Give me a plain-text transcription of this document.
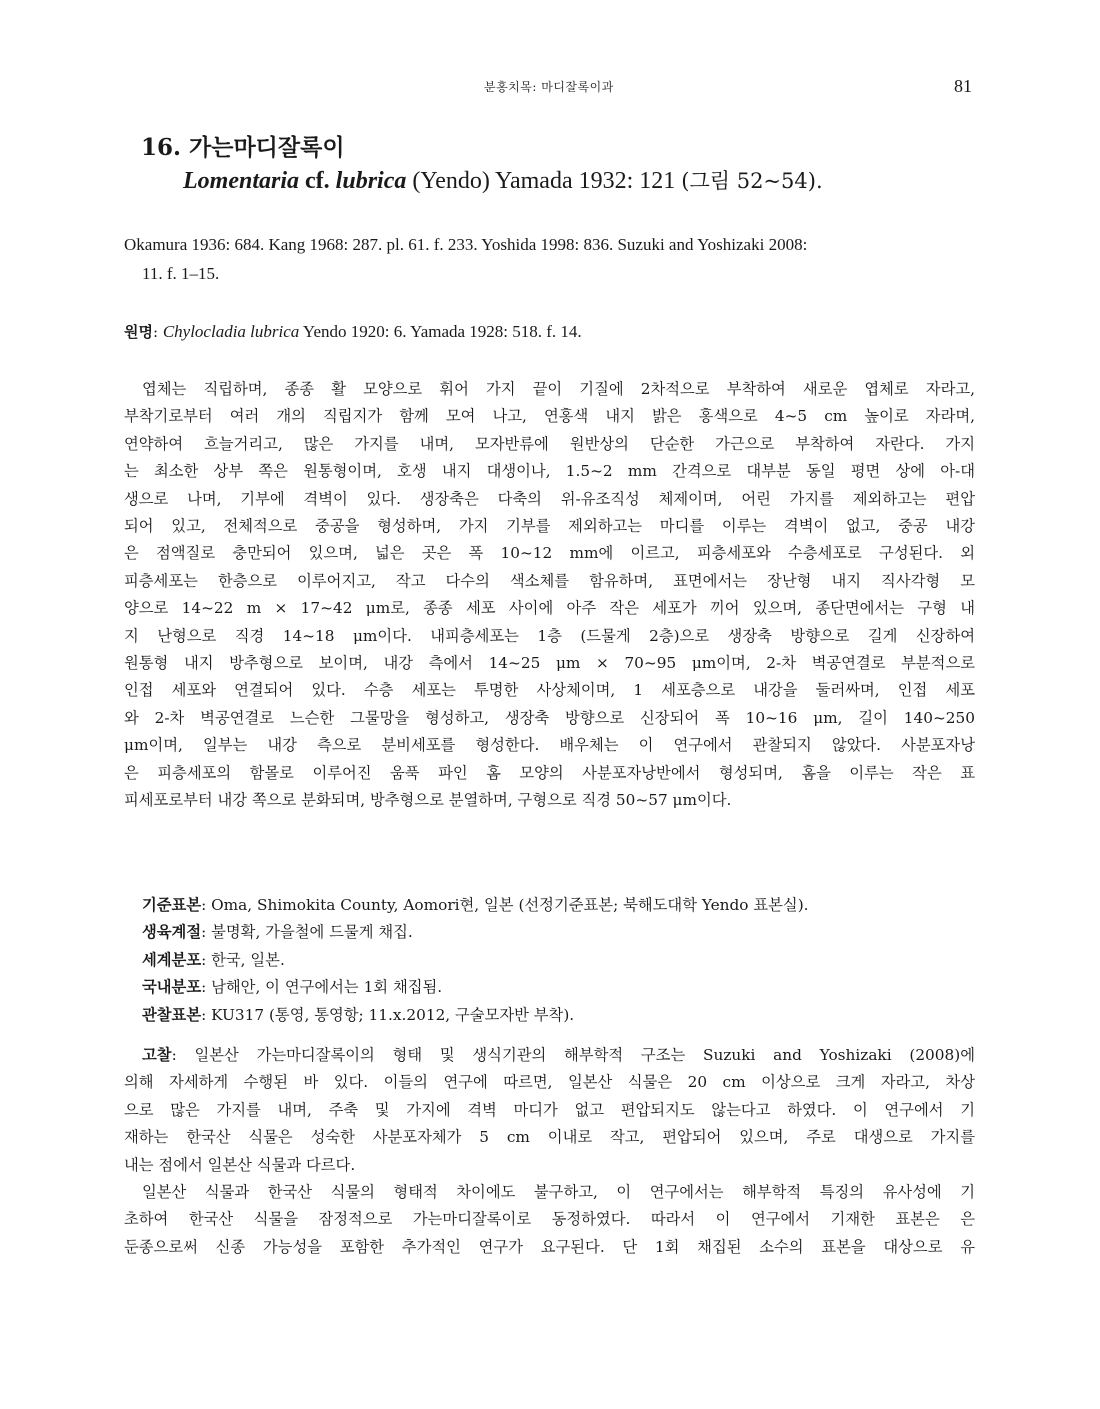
분홍치목: 마디잘록이과	81
16. 가는마디잘록이
Lomentaria cf. lubrica (Yendo) Yamada 1932: 121 (그림 52~54).
Okamura 1936: 684. Kang 1968: 287. pl. 61. f. 233. Yoshida 1998: 836. Suzuki and Yoshizaki 2008:
11. f. 1–15.
원명: Chylocladia lubrica Yendo 1920: 6. Yamada 1928: 518. f. 14.
엽체는 직립하며, 종종 활 모양으로 휘어 가지 끝이 기질에 2차적으로 부착하여 새로운 엽체로 자라고,
부착기로부터 여러 개의 직립지가 함께 모여 나고, 연홍색 내지 밝은 홍색으로 4~5 cm 높이로 자라며,
연약하여 흐늘거리고, 많은 가지를 내며, 모자반류에 원반상의 단순한 가근으로 부착하여 자란다. 가지
는 최소한 상부 쪽은 원통형이며, 호생 내지 대생이나, 1.5~2 mm 간격으로 대부분 동일 평면 상에 아-대
생으로 나며, 기부에 격벽이 있다. 생장축은 다축의 위-유조직성 체제이며, 어린 가지를 제외하고는 편압
되어 있고, 전체적으로 중공을 형성하며, 가지 기부를 제외하고는 마디를 이루는 격벽이 없고, 중공 내강
은 점액질로 충만되어 있으며, 넓은 곳은 폭 10~12 mm에 이르고, 피층세포와 수층세포로 구성된다. 외
피층세포는 한층으로 이루어지고, 작고 다수의 색소체를 함유하며, 표면에서는 장난형 내지 직사각형 모
양으로 14~22 m × 17~42 μm로, 종종 세포 사이에 아주 작은 세포가 끼어 있으며, 종단면에서는 구형 내
지 난형으로 직경 14~18 μm이다. 내피층세포는 1층 (드물게 2층)으로 생장축 방향으로 길게 신장하여
원통형 내지 방추형으로 보이며, 내강 측에서 14~25 μm × 70~95 μm이며, 2-차 벽공연결로 부분적으로
인접 세포와 연결되어 있다. 수층 세포는 투명한 사상체이며, 1 세포층으로 내강을 둘러싸며, 인접 세포
와 2-차 벽공연결로 느슨한 그물망을 형성하고, 생장축 방향으로 신장되어 폭 10~16 μm, 길이 140~250
μm이며, 일부는 내강 측으로 분비세포를 형성한다. 배우체는 이 연구에서 관찰되지 않았다. 사분포자낭
은 피층세포의 함몰로 이루어진 움푹 파인 홈 모양의 사분포자낭반에서 형성되며, 홈을 이루는 작은 표
피세포로부터 내강 쪽으로 분화되며, 방추형으로 분열하며, 구형으로 직경 50~57 μm이다.
기준표본: Oma, Shimokita County, Aomori현, 일본 (선정기준표본; 북해도대학 Yendo 표본실).
생육계절: 불명확, 가을철에 드물게 채집.
세계분포: 한국, 일본.
국내분포: 남해안, 이 연구에서는 1회 채집됨.
관찰표본: KU317 (통영, 통영항; 11.x.2012, 구술모자반 부착).
고찰: 일본산 가는마디잘록이의 형태 및 생식기관의 해부학적 구조는 Suzuki and Yoshizaki (2008)에
의해 자세하게 수행된 바 있다. 이들의 연구에 따르면, 일본산 식물은 20 cm 이상으로 크게 자라고, 차상
으로 많은 가지를 내며, 주축 및 가지에 격벽 마디가 없고 편압되지도 않는다고 하였다. 이 연구에서 기
재하는 한국산 식물은 성숙한 사분포자체가 5 cm 이내로 작고, 편압되어 있으며, 주로 대생으로 가지를
내는 점에서 일본산 식물과 다르다.
일본산 식물과 한국산 식물의 형태적 차이에도 불구하고, 이 연구에서는 해부학적 특징의 유사성에 기
초하여 한국산 식물을 잠정적으로 가는마디잘록이로 동정하였다. 따라서 이 연구에서 기재한 표본은 은
둔종으로써 신종 가능성을 포함한 추가적인 연구가 요구된다. 단 1회 채집된 소수의 표본을 대상으로 유
